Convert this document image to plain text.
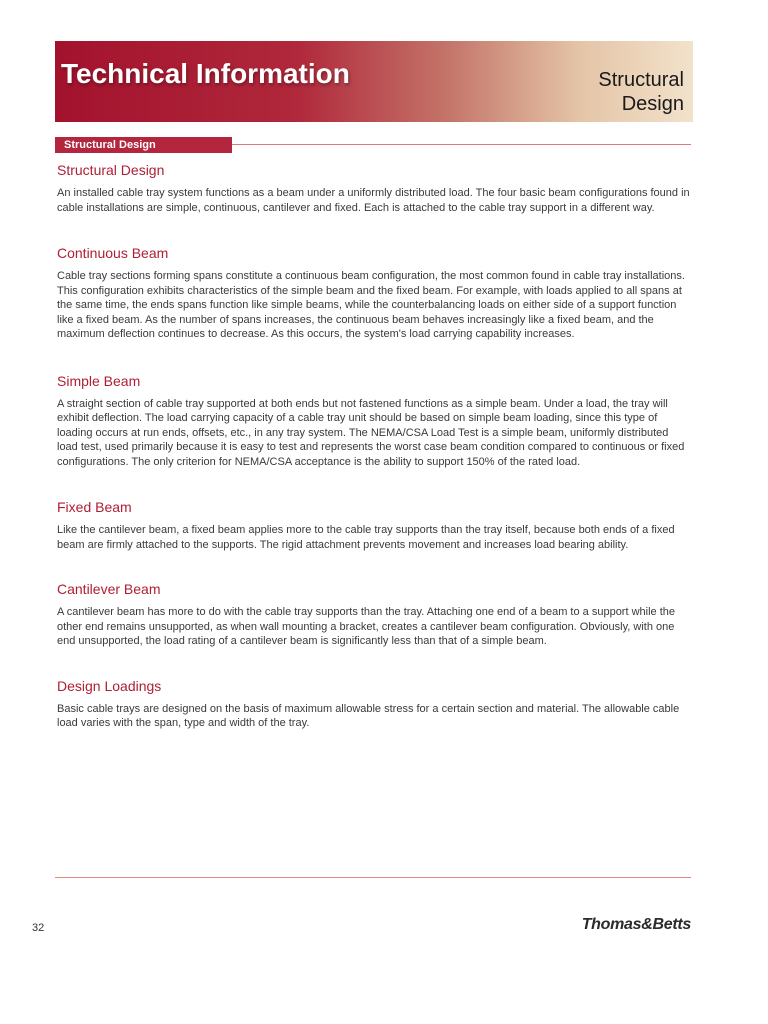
Technical Information	Structural
Design
Structural Design
Structural Design

An installed cable tray system functions as a beam under a uniformly distributed load. The four basic beam configurations found in cable installations are simple, continuous, cantilever and fixed. Each is attached to the cable tray support in a different way.

Continuous Beam

Cable tray sections forming spans constitute a continuous beam configuration, the most common found in cable tray installations. This configuration exhibits characteristics of the simple beam and the fixed beam. For example, with loads applied to all spans at the same time, the ends spans function like simple beams, while the counterbalancing loads on either side of a support function like a fixed beam. As the number of spans increases, the continuous beam behaves increasingly like a fixed beam, and the maximum deflection continues to decrease. As this occurs, the system's load carrying capability increases.

Simple Beam

A straight section of cable tray supported at both ends but not fastened functions as a simple beam. Under a load, the tray will exhibit deflection. The load carrying capacity of a cable tray unit should be based on simple beam loading, since this type of loading occurs at run ends, offsets, etc., in any tray system. The NEMA/CSA Load Test is a simple beam, uniformly distributed load test, used primarily because it is easy to test and represents the worst case beam condition compared to continuous or fixed configurations. The only criterion for NEMA/CSA acceptance is the ability to support 150% of the rated load.

Fixed Beam

Like the cantilever beam, a fixed beam applies more to the cable tray supports than the tray itself, because both ends of a fixed beam are firmly attached to the supports. The rigid attachment prevents movement and increases load bearing ability.

Cantilever Beam

A cantilever beam has more to do with the cable tray supports than the tray. Attaching one end of a beam to a support while the other end remains unsupported, as when wall mounting a bracket, creates a cantilever beam configuration. Obviously, with one end unsupported, the load rating of a cantilever beam is significantly less than that of a simple beam.

Design Loadings

Basic cable trays are designed on the basis of maximum allowable stress for a certain section and material. The allowable cable load varies with the span, type and width of the tray.

32	Thomas&Betts
